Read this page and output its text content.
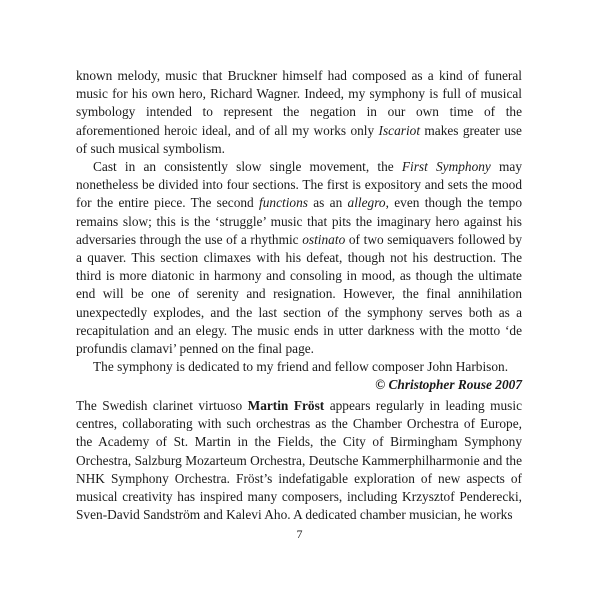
known melody, music that Bruckner himself had composed as a kind of funeral music for his own hero, Richard Wagner. Indeed, my symphony is full of musical symbology intended to represent the negation in our own time of the aforementioned heroic ideal, and of all my works only Iscariot makes greater use of such musical symbolism.

Cast in an consistently slow single movement, the First Symphony may nonetheless be divided into four sections. The first is expository and sets the mood for the entire piece. The second functions as an allegro, even though the tempo remains slow; this is the ‘struggle’ music that pits the imaginary hero against his adversaries through the use of a rhythmic ostinato of two semiquavers followed by a quaver. This section climaxes with his defeat, though not his destruction. The third is more diatonic in harmony and consoling in mood, as though the ultimate end will be one of serenity and resignation. However, the final annihilation unexpectedly explodes, and the last section of the symphony serves both as a recapitulation and an elegy. The music ends in utter darkness with the motto ‘de profundis clamavi’ penned on the final page.

The symphony is dedicated to my friend and fellow composer John Harbison.

© Christopher Rouse 2007

The Swedish clarinet virtuoso Martin Fröst appears regularly in leading music centres, collaborating with such orchestras as the Chamber Orchestra of Europe, the Academy of St. Martin in the Fields, the City of Birmingham Symphony Orchestra, Salzburg Mozarteum Orchestra, Deutsche Kammerphilharmonie and the NHK Symphony Orchestra. Fröst’s indefatigable exploration of new aspects of musical creativity has inspired many composers, including Krzysztof Penderecki, Sven-David Sandström and Kalevi Aho. A dedicated chamber musician, he works

7
